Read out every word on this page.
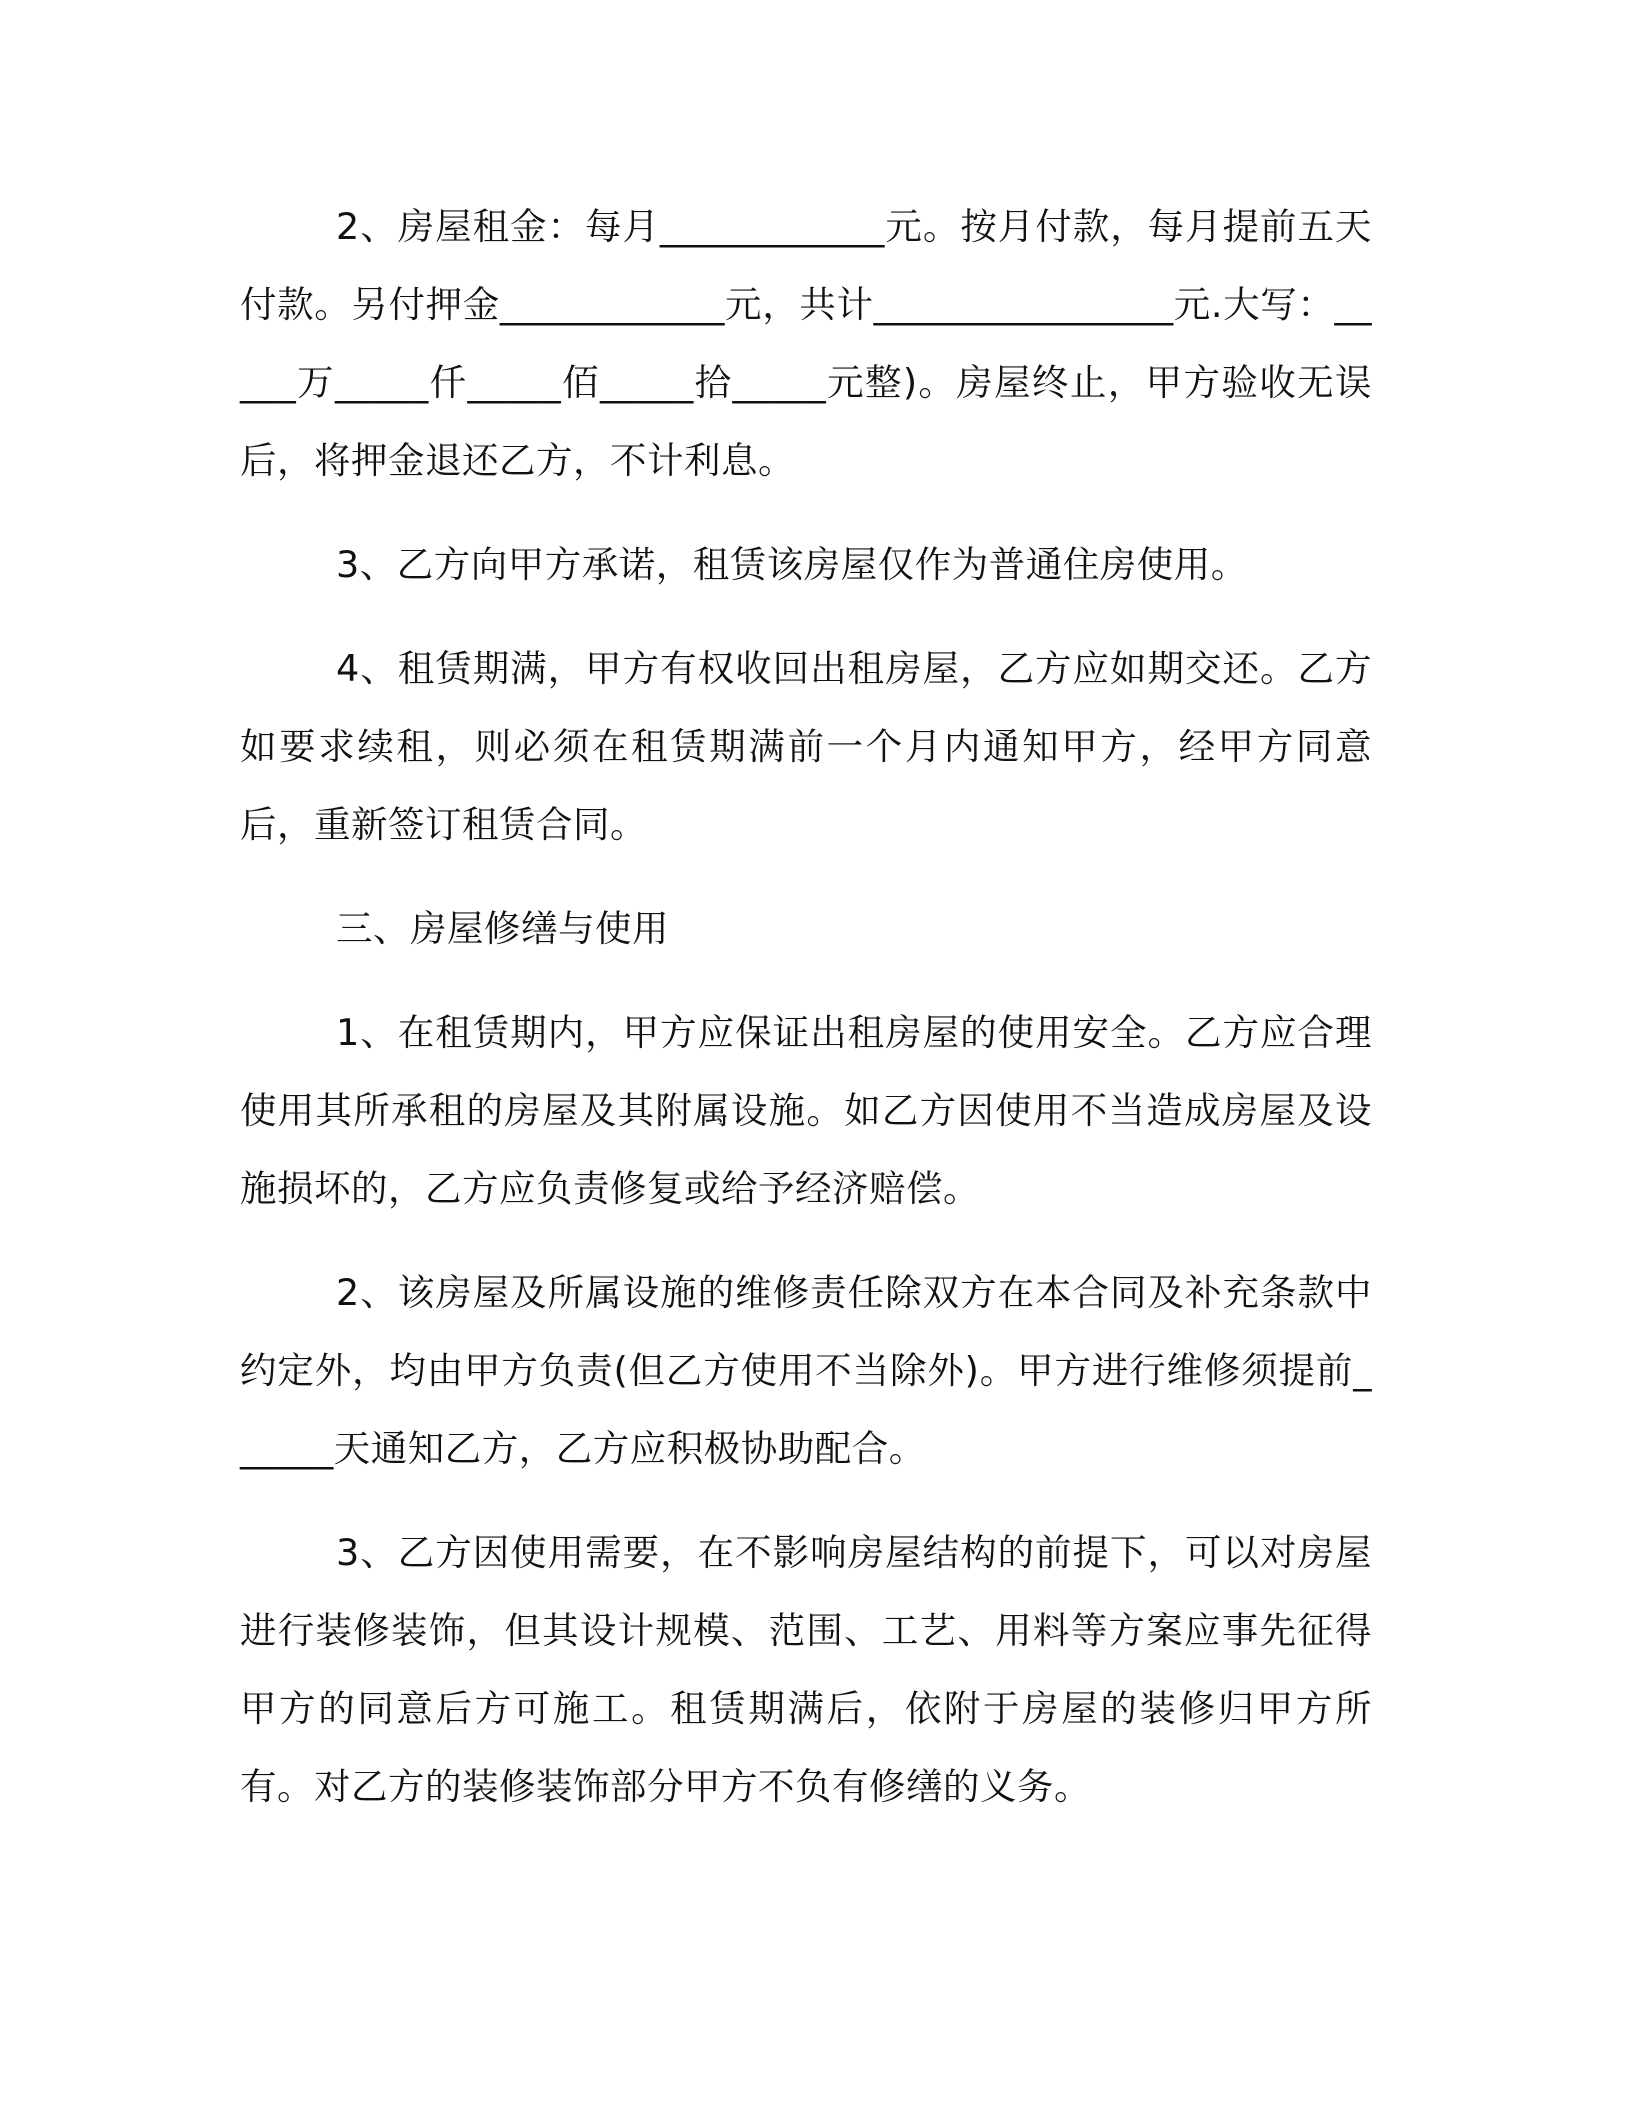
2、房屋租金：每月____________元。按月付款，每月提前五天付款。另付押金____________元，共计________________元.大写：_____万_____仟_____佰_____拾_____元整)。房屋终止，甲方验收无误后，将押金退还乙方，不计利息。

3、乙方向甲方承诺，租赁该房屋仅作为普通住房使用。

4、租赁期满，甲方有权收回出租房屋，乙方应如期交还。乙方如要求续租，则必须在租赁期满前一个月内通知甲方，经甲方同意后，重新签订租赁合同。

三、房屋修缮与使用

1、在租赁期内，甲方应保证出租房屋的使用安全。乙方应合理使用其所承租的房屋及其附属设施。如乙方因使用不当造成房屋及设施损坏的，乙方应负责修复或给予经济赔偿。

2、该房屋及所属设施的维修责任除双方在本合同及补充条款中约定外，均由甲方负责(但乙方使用不当除外)。甲方进行维修须提前______天通知乙方，乙方应积极协助配合。

3、乙方因使用需要，在不影响房屋结构的前提下，可以对房屋进行装修装饰，但其设计规模、范围、工艺、用料等方案应事先征得甲方的同意后方可施工。租赁期满后，依附于房屋的装修归甲方所有。对乙方的装修装饰部分甲方不负有修缮的义务。
